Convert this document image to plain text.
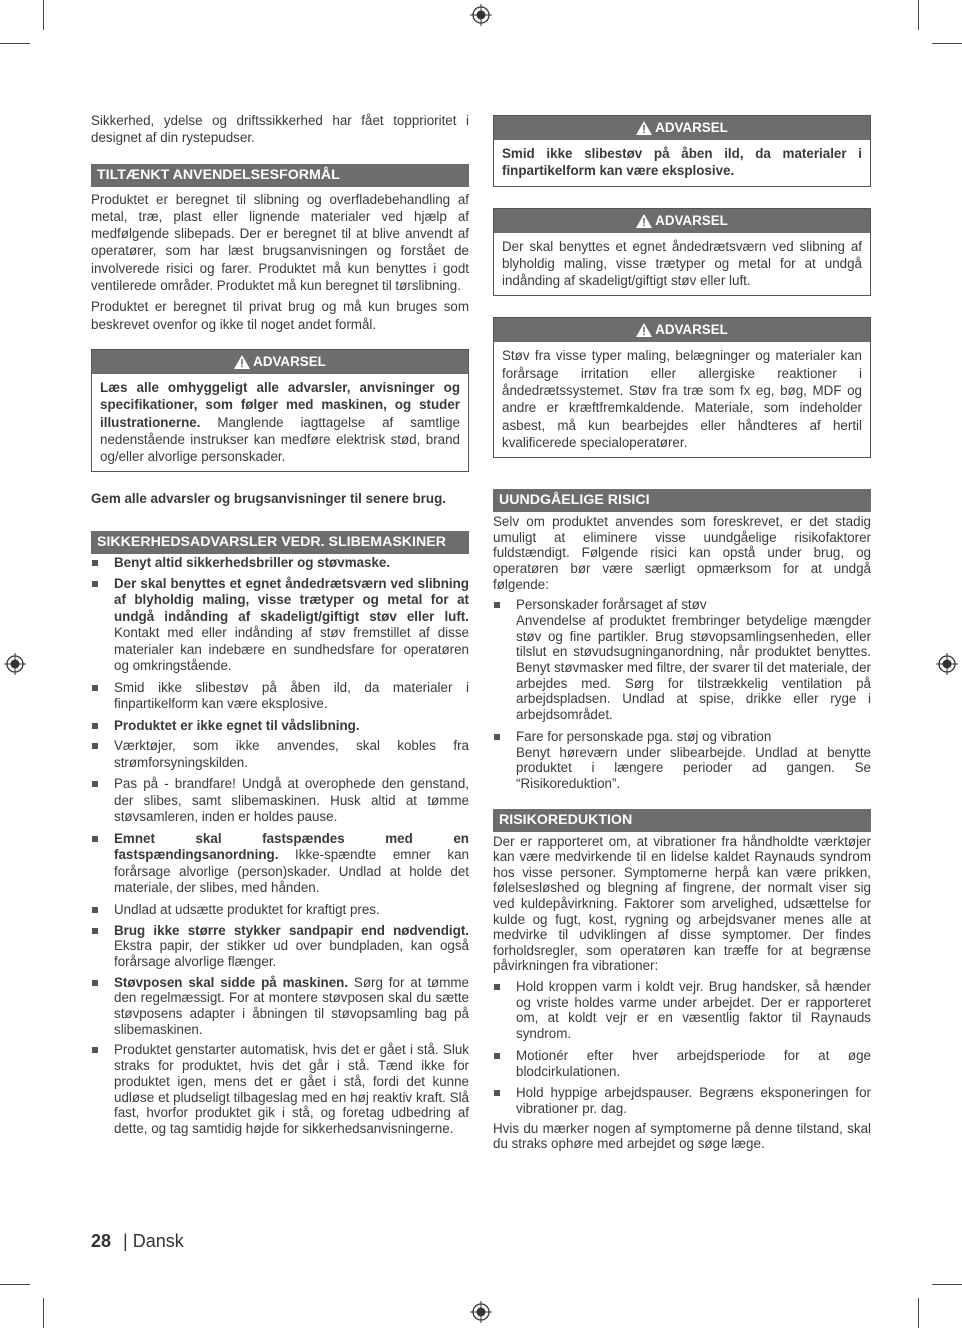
Sikkerhed, ydelse og driftssikkerhed har fået topprioritet i designet af din rystepudser.

TILTÆNKT ANVENDELSESFORMÅL

Produktet er beregnet til slibning og overfladebehandling af metal, træ, plast eller lignende materialer ved hjælp af medfølgende slibepads. Der er beregnet til at blive anvendt af operatører, som har læst brugsanvisningen og forstået de involverede risici og farer. Produktet må kun benyttes i godt ventilerede områder. Produktet må kun beregnet til tørslibning.

Produktet er beregnet til privat brug og må kun bruges som beskrevet ovenfor og ikke til noget andet formål.

ADVARSEL
Læs alle omhyggeligt alle advarsler, anvisninger og specifikationer, som følger med maskinen, og studer illustrationerne. Manglende iagttagelse af samtlige nedenstående instrukser kan medføre elektrisk stød, brand og/eller alvorlige personskader.

Gem alle advarsler og brugsanvisninger til senere brug.

SIKKERHEDSADVARSLER VEDR. SLIBEMASKINER
Benyt altid sikkerhedsbriller og støvmaske.
Der skal benyttes et egnet åndedrætsværn ved slibning af blyholdig maling, visse trætyper og metal for at undgå indånding af skadeligt/giftigt støv eller luft. Kontakt med eller indånding af støv fremstillet af disse materialer kan indebære en sundhedsfare for operatøren og omkringstående.
Smid ikke slibestøv på åben ild, da materialer i finpartikelform kan være eksplosive.
Produktet er ikke egnet til vådslibning.
Værktøjer, som ikke anvendes, skal kobles fra strømforsyningskilden.
Pas på - brandfare! Undgå at overophede den genstand, der slibes, samt slibemaskinen. Husk altid at tømme støvsamleren, inden er holdes pause.
Emnet skal fastspændes med en fastspændingsanordning. Ikke-spændte emner kan forårsage alvorlige (person)skader. Undlad at holde det materiale, der slibes, med hånden.
Undlad at udsætte produktet for kraftigt pres.
Brug ikke større stykker sandpapir end nødvendigt. Ekstra papir, der stikker ud over bundpladen, kan også forårsage alvorlige flænger.
Støvposen skal sidde på maskinen. Sørg for at tømme den regelmæssigt. For at montere støvposen skal du sætte støvposens adapter i åbningen til støvopsamling bag på slibemaskinen.
Produktet genstarter automatisk, hvis det er gået i stå. Sluk straks for produktet, hvis det går i stå. Tænd ikke for produktet igen, mens det er gået i stå, fordi det kunne udløse et pludseligt tilbageslag med en høj reaktiv kraft. Slå fast, hvorfor produktet gik i stå, og foretag udbedring af dette, og tag samtidig højde for sikkerhedsanvisningerne.
ADVARSEL
Smid ikke slibestøv på åben ild, da materialer i finpartikelform kan være eksplosive.
ADVARSEL
Der skal benyttes et egnet åndedrætsværn ved slibning af blyholdig maling, visse trætyper og metal for at undgå indånding af skadeligt/giftigt støv eller luft.
ADVARSEL
Støv fra visse typer maling, belægninger og materialer kan forårsage irritation eller allergiske reaktioner i åndedrætssystemet. Støv fra træ som fx eg, bøg, MDF og andre er kræftfremkaldende. Materiale, som indeholder asbest, må kun bearbejdes eller håndteres af hertil kvalificerede specialoperatører.
UUNDGÅELIGE RISICI

Selv om produktet anvendes som foreskrevet, er det stadig umuligt at eliminere visse uundgåelige risikofaktorer fuldstændigt. Følgende risici kan opstå under brug, og operatøren bør være særligt opmærksom for at undgå følgende:

Personskader forårsaget af støv
Anvendelse af produktet frembringer betydelige mængder støv og fine partikler. Brug støvopsamlingsenheden, eller tilslut en støvudsugninganordning, når produktet benyttes. Benyt støvmasker med filtre, der svarer til det materiale, der arbejdes med. Sørg for tilstrækkelig ventilation på arbejdspladsen. Undlad at spise, drikke eller ryge i arbejdsområdet.
Fare for personskade pga. støj og vibration
Benyt høreværn under slibearbejde. Undlad at benytte produktet i længere perioder ad gangen. Se “Risikoreduktion”.
RISIKOREDUKTION

Der er rapporteret om, at vibrationer fra håndholdte værktøjer kan være medvirkende til en lidelse kaldet Raynauds syndrom hos visse personer. Symptomerne herpå kan være prikken, følelsesløshed og blegning af fingrene, der normalt viser sig ved kuldepåvirkning. Faktorer som arvelighed, udsættelse for kulde og fugt, kost, rygning og arbejdsvaner menes alle at medvirke til udviklingen af disse symptomer. Der findes forholdsregler, som operatøren kan træffe for at begrænse påvirkningen fra vibrationer:

Hold kroppen varm i koldt vejr. Brug handsker, så hænder og vriste holdes varme under arbejdet. Der er rapporteret om, at koldt vejr er en væsentlig faktor til Raynauds syndrom.
Motionér efter hver arbejdsperiode for at øge blodcirkulationen.
Hold hyppige arbejdspauser. Begræns eksponeringen for vibrationer pr. dag.

Hvis du mærker nogen af symptomerne på denne tilstand, skal du straks ophøre med arbejdet og søge læge.

28 | Dansk
